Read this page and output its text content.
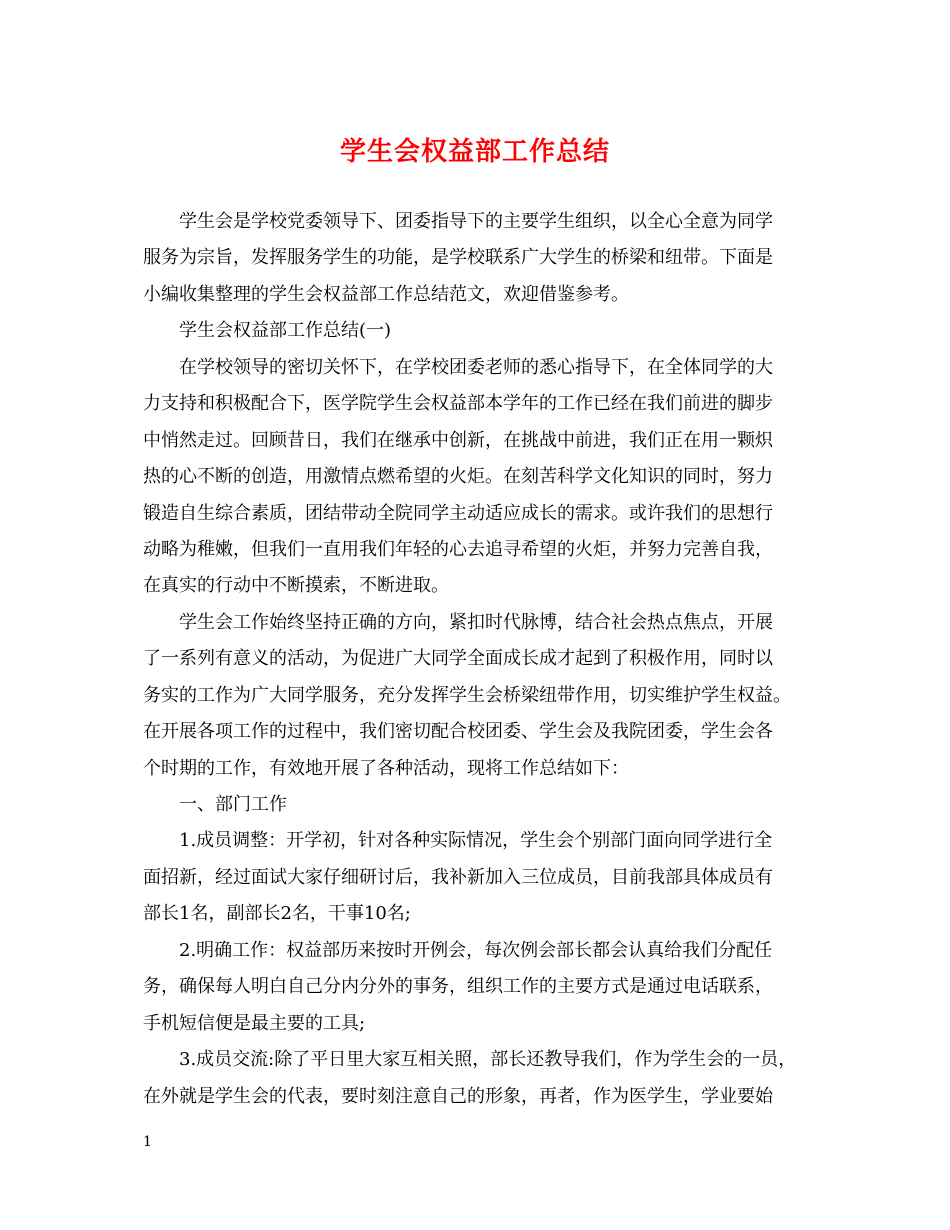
学生会权益部工作总结
学生会是学校党委领导下、团委指导下的主要学生组织，以全心全意为同学
服务为宗旨，发挥服务学生的功能，是学校联系广大学生的桥梁和纽带。下面是
小编收集整理的学生会权益部工作总结范文，欢迎借鉴参考。
学生会权益部工作总结(一)
在学校领导的密切关怀下，在学校团委老师的悉心指导下，在全体同学的大
力支持和积极配合下，医学院学生会权益部本学年的工作已经在我们前进的脚步
中悄然走过。回顾昔日，我们在继承中创新，在挑战中前进，我们正在用一颗炽
热的心不断的创造，用激情点燃希望的火炬。在刻苦科学文化知识的同时，努力
锻造自生综合素质，团结带动全院同学主动适应成长的需求。或许我们的思想行
动略为稚嫩，但我们一直用我们年轻的心去追寻希望的火炬，并努力完善自我，
在真实的行动中不断摸索，不断进取。
学生会工作始终坚持正确的方向，紧扣时代脉博，结合社会热点焦点，开展
了一系列有意义的活动，为促进广大同学全面成长成才起到了积极作用，同时以
务实的工作为广大同学服务，充分发挥学生会桥梁纽带作用，切实维护学生权益。
在开展各项工作的过程中，我们密切配合校团委、学生会及我院团委，学生会各
个时期的工作，有效地开展了各种活动，现将工作总结如下：
一、部门工作
1.成员调整：开学初，针对各种实际情况，学生会个别部门面向同学进行全
面招新，经过面试大家仔细研讨后，我补新加入三位成员，目前我部具体成员有
部长1名，副部长2名，干事10名;
2.明确工作：权益部历来按时开例会，每次例会部长都会认真给我们分配任
务，确保每人明白自己分内分外的事务，组织工作的主要方式是通过电话联系，
手机短信便是最主要的工具;
3.成员交流:除了平日里大家互相关照，部长还教导我们，作为学生会的一员，
在外就是学生会的代表，要时刻注意自己的形象，再者，作为医学生，学业要始
1
